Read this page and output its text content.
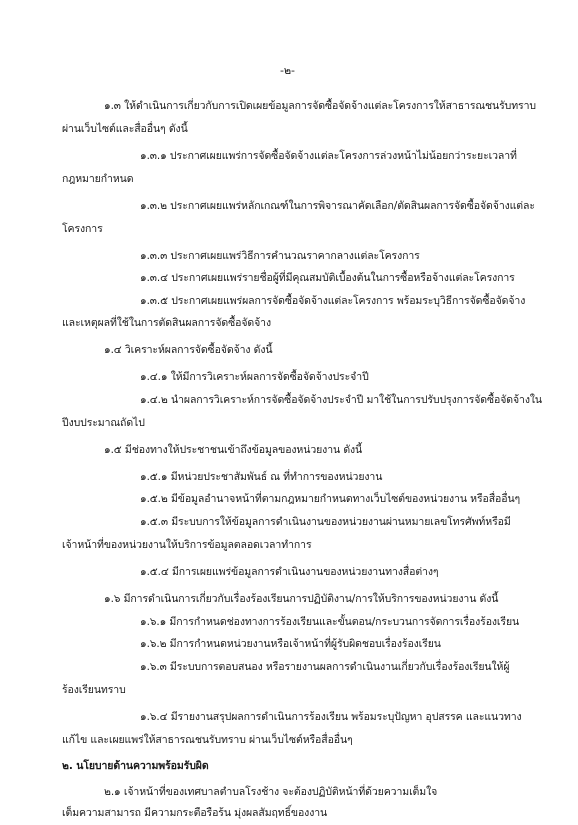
-๒-
๑.๓ ให้ดำเนินการเกี่ยวกับการเปิดเผยข้อมูลการจัดซื้อจัดจ้างแต่ละโครงการให้สาธารณชนรับทราบ
ผ่านเว็บไซต์และสื่ออื่นๆ ดังนี้
๑.๓.๑ ประกาศเผยแพร่การจัดซื้อจัดจ้างแต่ละโครงการล่วงหน้าไม่น้อยกว่าระยะเวลาที่
กฎหมายกำหนด
๑.๓.๒ ประกาศเผยแพร่หลักเกณฑ์ในการพิจารณาคัดเลือก/ตัดสินผลการจัดซื้อจัดจ้างแต่ละ
โครงการ
๑.๓.๓ ประกาศเผยแพร่วิธีการคำนวณราคากลางแต่ละโครงการ
๑.๓.๔ ประกาศเผยแพร่รายชื่อผู้ที่มีคุณสมบัติเบื้องต้นในการซื้อหรือจ้างแต่ละโครงการ
๑.๓.๕ ประกาศเผยแพร่ผลการจัดซื้อจัดจ้างแต่ละโครงการ พร้อมระบุวิธีการจัดซื้อจัดจ้าง
และเหตุผลที่ใช้ในการตัดสินผลการจัดซื้อจัดจ้าง
๑.๔ วิเคราะห์ผลการจัดซื้อจัดจ้าง ดังนี้
๑.๔.๑ ให้มีการวิเคราะห์ผลการจัดซื้อจัดจ้างประจำปี
๑.๔.๒ นำผลการวิเคราะห์การจัดซื้อจัดจ้างประจำปี มาใช้ในการปรับปรุงการจัดซื้อจัดจ้างใน
ปีงบประมาณถัดไป
๑.๕ มีช่องทางให้ประชาชนเข้าถึงข้อมูลของหน่วยงาน ดังนี้
๑.๕.๑ มีหน่วยประชาสัมพันธ์ ณ ที่ทำการของหน่วยงาน
๑.๕.๒ มีข้อมูลอำนาจหน้าที่ตามกฎหมายกำหนดทางเว็บไซต์ของหน่วยงาน หรือสื่ออื่นๆ
๑.๕.๓ มีระบบการให้ข้อมูลการดำเนินงานของหน่วยงานผ่านหมายเลขโทรศัพท์หรือมี
เจ้าหน้าที่ของหน่วยงานให้บริการข้อมูลตลอดเวลาทำการ
๑.๕.๔ มีการเผยแพร่ข้อมูลการดำเนินงานของหน่วยงานทางสื่อต่างๆ
๑.๖ มีการดำเนินการเกี่ยวกับเรื่องร้องเรียนการปฏิบัติงาน/การให้บริการของหน่วยงาน ดังนี้
๑.๖.๑ มีการกำหนดช่องทางการร้องเรียนและขั้นตอน/กระบวนการจัดการเรื่องร้องเรียน
๑.๖.๒ มีการกำหนดหน่วยงานหรือเจ้าหน้าที่ผู้รับผิดชอบเรื่องร้องเรียน
๑.๖.๓ มีระบบการตอบสนอง หรือรายงานผลการดำเนินงานเกี่ยวกับเรื่องร้องเรียนให้ผู้
ร้องเรียนทราบ
๑.๖.๔ มีรายงานสรุปผลการดำเนินการร้องเรียน พร้อมระบุปัญหา อุปสรรค และแนวทาง
แก้ไข และเผยแพร่ให้สาธารณชนรับทราบ ผ่านเว็บไซต์หรือสื่ออื่นๆ
๒. นโยบายด้านความพร้อมรับผิด
๒.๑ เจ้าหน้าที่ของเทศบาลตำบลโรงช้าง จะต้องปฏิบัติหน้าที่ด้วยความเต็มใจ
เต็มความสามารถ มีความกระตือรือร้น มุ่งผลสัมฤทธิ์ของงาน
